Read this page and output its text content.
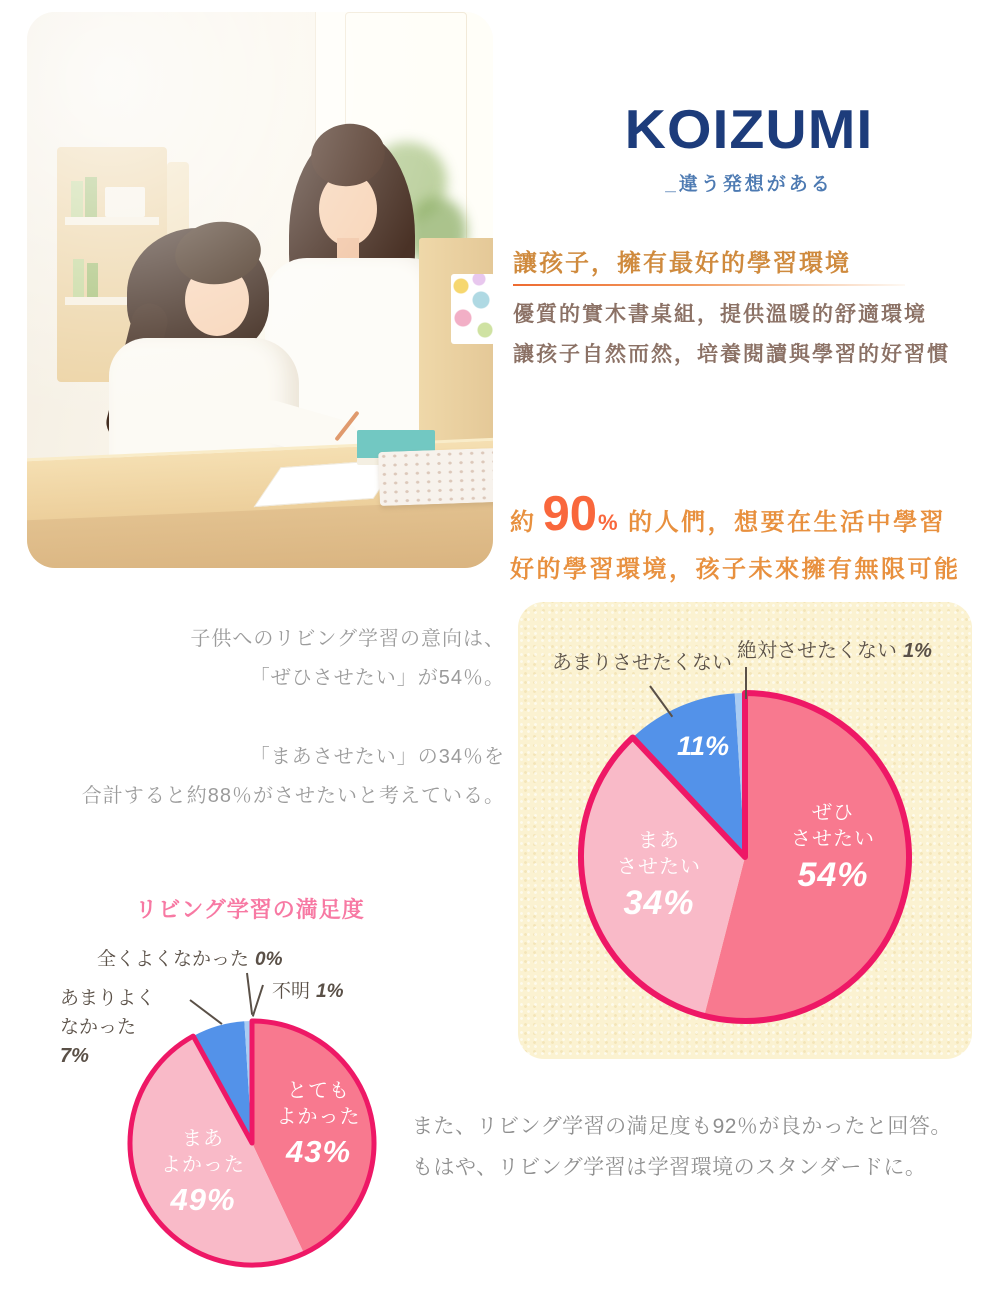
KOIZUMI
_違う発想がある
讓孩子，擁有最好的學習環境
優質的實木書桌組，提供溫暖的舒適環境
讓孩子自然而然，培養閱讀與學習的好習慣
約 90% 的人們，想要在生活中學習
好的學習環境，孩子未來擁有無限可能
子供へのリビング学習の意向は、
「ぜひさせたい」が54％。
「まあさせたい」の34％を
合計すると約88％がさせたいと考えている。
絶対させたくない 1%
あまりさせたくない
11%
ぜひ
させたい
54%
まあ
させたい
34%
リビング学習の満足度
全くよくなかった 0%
不明 1%
あまりよく
なかった
7%
とても
よかった
43%
まあ
よかった
49%
また、リビング学習の満足度も92％が良かったと回答。
もはや、リビング学習は学習環境のスタンダードに。
